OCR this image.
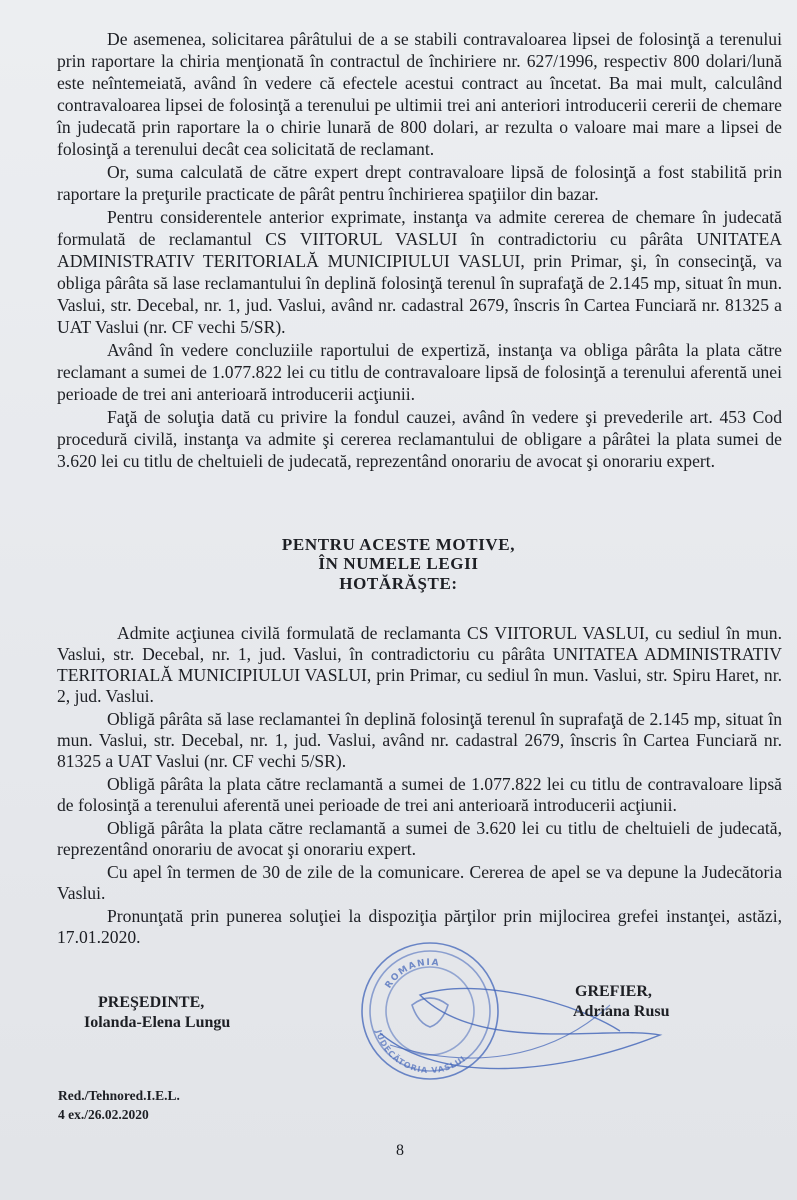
De asemenea, solicitarea pârâtului de a se stabili contravaloarea lipsei de folosinţă a terenului prin raportare la chiria menţionată în contractul de închiriere nr. 627/1996, respectiv 800 dolari/lună este neîntemeiată, având în vedere că efectele acestui contract au încetat. Ba mai mult, calculând contravaloarea lipsei de folosinţă a terenului pe ultimii trei ani anteriori introducerii cererii de chemare în judecată prin raportare la o chirie lunară de 800 dolari, ar rezulta o valoare mai mare a lipsei de folosinţă a terenului decât cea solicitată de reclamant.

Or, suma calculată de către expert drept contravaloare lipsă de folosinţă a fost stabilită prin raportare la preţurile practicate de pârât pentru închirierea spaţiilor din bazar.

Pentru considerentele anterior exprimate, instanţa va admite cererea de chemare în judecată formulată de reclamantul CS VIITORUL VASLUI în contradictoriu cu pârâta UNITATEA ADMINISTRATIV TERITORIALĂ MUNICIPIULUI VASLUI, prin Primar, şi, în consecinţă, va obliga pârâta să lase reclamantului în deplină folosinţă terenul în suprafaţă de 2.145 mp, situat în mun. Vaslui, str. Decebal, nr. 1, jud. Vaslui, având nr. cadastral 2679, înscris în Cartea Funciară nr. 81325 a UAT Vaslui (nr. CF vechi 5/SR).

Având în vedere concluziile raportului de expertiză, instanţa va obliga pârâta la plata către reclamant a sumei de 1.077.822 lei cu titlu de contravaloare lipsă de folosinţă a terenului aferentă unei perioade de trei ani anterioară introducerii acţiunii.

Faţă de soluţia dată cu privire la fondul cauzei, având în vedere şi prevederile art. 453 Cod procedură civilă, instanţa va admite şi cererea reclamantului de obligare a pârâtei la plata sumei de 3.620 lei cu titlu de cheltuieli de judecată, reprezentând onorariu de avocat şi onorariu expert.

PENTRU ACESTE MOTIVE,
ÎN NUMELE LEGII
HOTĂRĂŞTE:

Admite acţiunea civilă formulată de reclamanta CS VIITORUL VASLUI, cu sediul în mun. Vaslui, str. Decebal, nr. 1, jud. Vaslui, în contradictoriu cu pârâta UNITATEA ADMINISTRATIV TERITORIALĂ MUNICIPIULUI VASLUI, prin Primar, cu sediul în mun. Vaslui, str. Spiru Haret, nr. 2, jud. Vaslui.

Obligă pârâta să lase reclamantei în deplină folosinţă terenul în suprafaţă de 2.145 mp, situat în mun. Vaslui, str. Decebal, nr. 1, jud. Vaslui, având nr. cadastral 2679, înscris în Cartea Funciară nr. 81325 a UAT Vaslui (nr. CF vechi 5/SR).

Obligă pârâta la plata către reclamantă a sumei de 1.077.822 lei cu titlu de contravaloare lipsă de folosinţă a terenului aferentă unei perioade de trei ani anterioară introducerii acţiunii.

Obligă pârâta la plata către reclamantă a sumei de 3.620 lei cu titlu de cheltuieli de judecată, reprezentând onorariu de avocat şi onorariu expert.

Cu apel în termen de 30 de zile de la comunicare. Cererea de apel se va depune la Judecătoria Vaslui.

Pronunţată prin punerea soluţiei la dispoziţia părţilor prin mijlocirea grefei instanţei, astăzi, 17.01.2020.

ROMANIA
JUDECĂTORIA VASLUI
PREŞEDINTE,
Iolanda-Elena Lungu
GREFIER,
Adriana Rusu
Red./Tehnored.I.E.L.
4 ex./26.02.2020
8
